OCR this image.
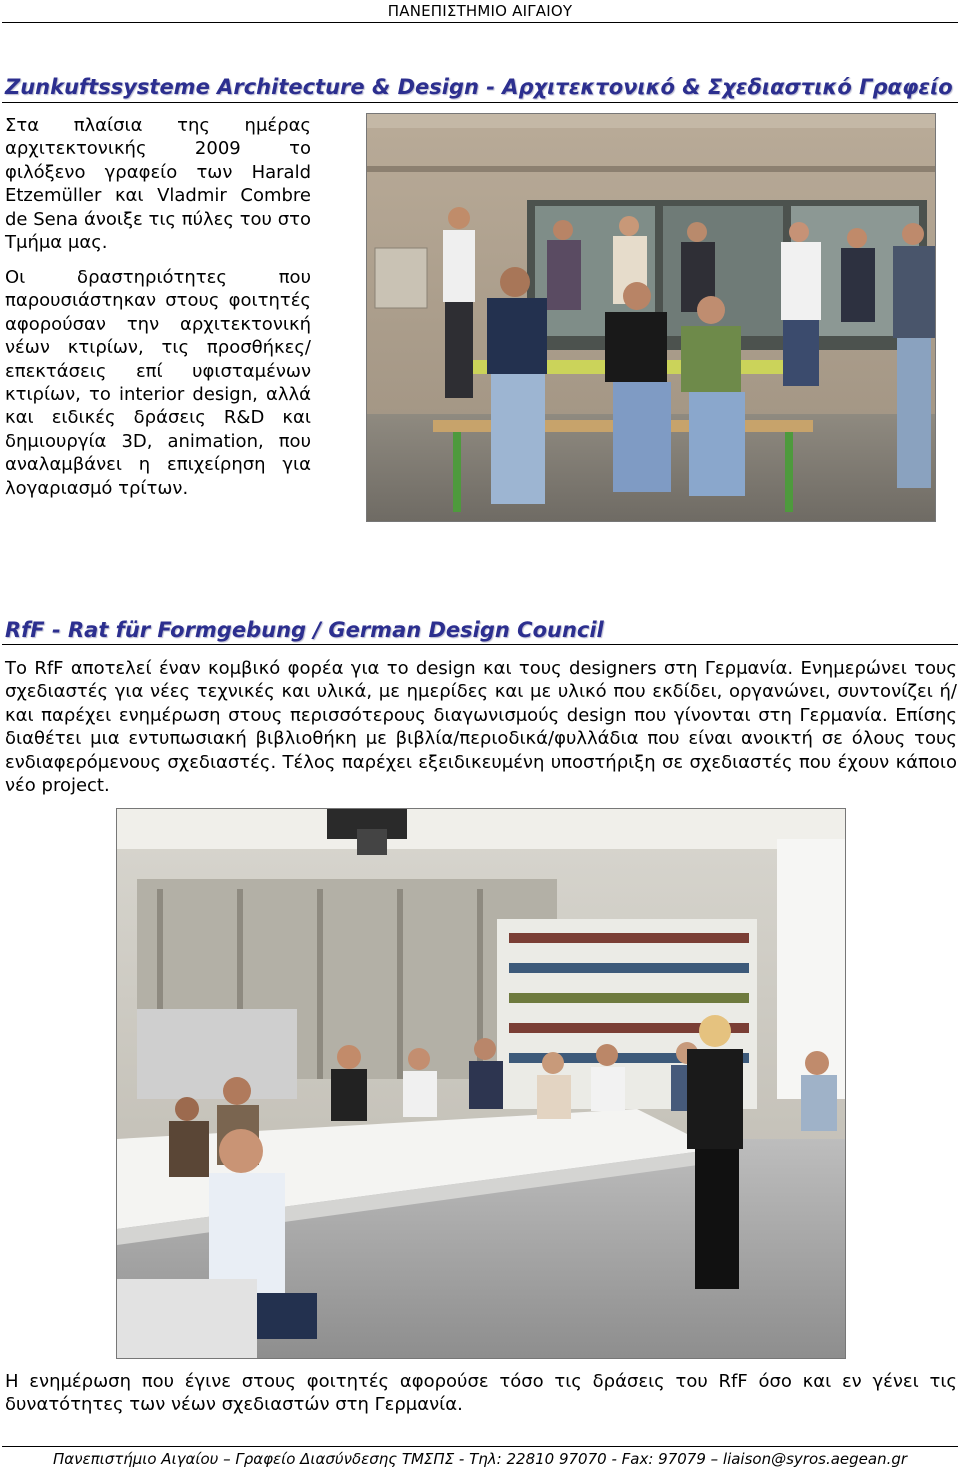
ΠΑΝΕΠΙΣΤΗΜΙΟ ΑΙΓΑΙΟΥ
Zunkuftssysteme Architecture & Design - Αρχιτεκτονικό & Σχεδιαστικό Γραφείο

Στα πλαίσια της ημέρας αρχιτεκτονικής 2009 το φιλόξενο γραφείο των Harald Etzemüller και Vladmir Combre de Sena άνοιξε τις πύλες του στο Τμήμα μας.

Οι δραστηριότητες που παρουσιάστηκαν στους φοιτητές αφορούσαν την αρχιτεκτονική νέων κτιρίων, τις προσθήκες/επεκτάσεις επί υφισταμένων κτιρίων, το interior design, αλλά και ειδικές δράσεις R&D και δημιουργία 3D, animation, που αναλαμβάνει η επιχείρηση για λογαριασμό τρίτων.

RfF - Rat für Formgebung / German Design Council

Το RfF αποτελεί έναν κομβικό φορέα για το design και τους designers στη Γερμανία. Ενημερώνει τους σχεδιαστές για νέες τεχνικές και υλικά, με ημερίδες και με υλικό που εκδίδει, οργανώνει, συντονίζει ή/και παρέχει ενημέρωση στους περισσότερους διαγωνισμούς design που γίνονται στη Γερμανία. Επίσης διαθέτει μια εντυπωσιακή βιβλιοθήκη με βιβλία/περιοδικά/φυλλάδια που είναι ανοικτή σε όλους τους ενδιαφερόμενους σχεδιαστές. Τέλος παρέχει εξειδικευμένη υποστήριξη σε σχεδιαστές που έχουν κάποιο νέο project.

Η ενημέρωση που έγινε στους φοιτητές αφορούσε τόσο τις δράσεις του RfF όσο και εν γένει τις δυνατότητες των νέων σχεδιαστών στη Γερμανία.

Πανεπιστήμιο Αιγαίου – Γραφείο Διασύνδεσης ΤΜΣΠΣ - Τηλ: 22810 97070 - Fax: 97079 – liaison@syros.aegean.gr
